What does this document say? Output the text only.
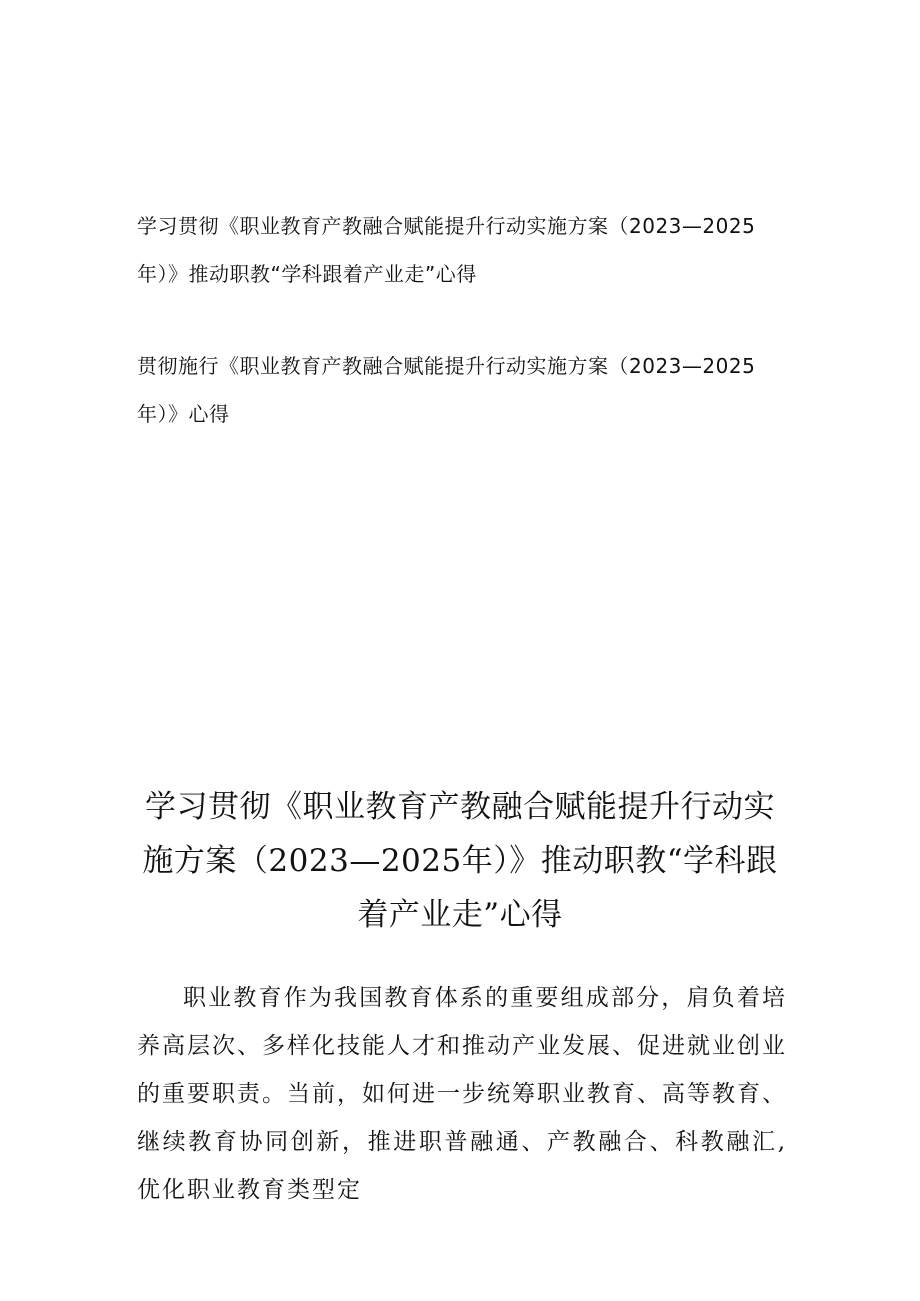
学习贯彻《职业教育产教融合赋能提升行动实施方案（2023—2025年）》推动职教“学科跟着产业走”心得

贯彻施行《职业教育产教融合赋能提升行动实施方案（2023—2025年）》心得

学习贯彻《职业教育产教融合赋能提升行动实施方案（2023—2025年）》推动职教“学科跟着产业走”心得

职业教育作为我国教育体系的重要组成部分，肩负着培养高层次、多样化技能人才和推动产业发展、促进就业创业的重要职责。当前，如何进一步统筹职业教育、高等教育、继续教育协同创新，推进职普融通、产教融合、科教融汇,优化职业教育类型定
